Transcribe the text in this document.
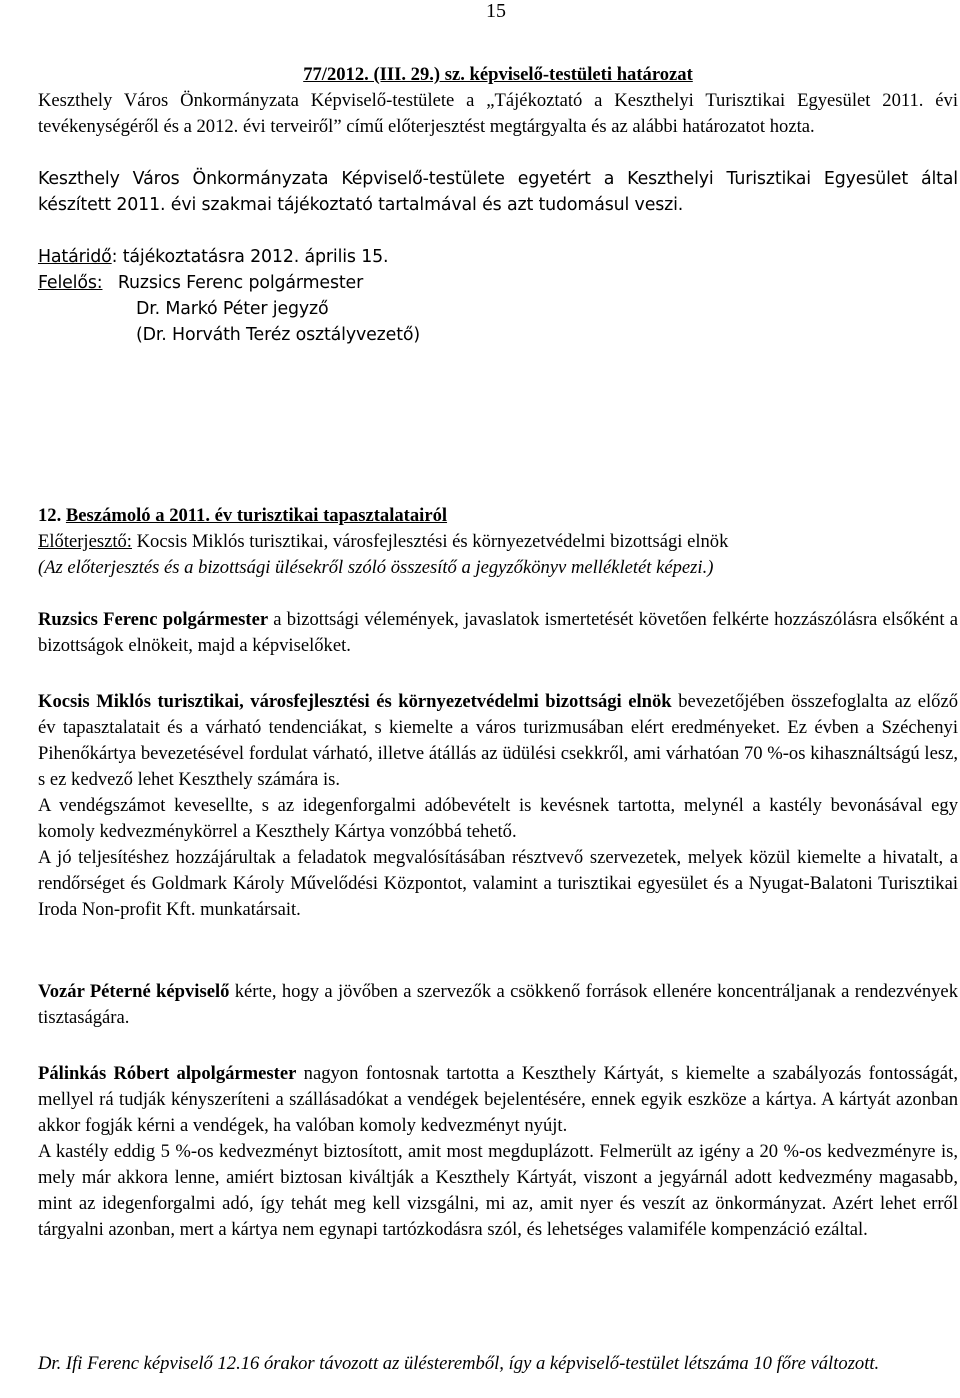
15

77/2012. (III. 29.) sz. képviselő-testületi határozat

Keszthely Város Önkormányzata Képviselő-testülete a „Tájékoztató a Keszthelyi Turisztikai Egyesület 2011. évi tevékenységéről és a 2012. évi terveiről” című előterjesztést megtárgyalta és az alábbi határozatot hozta.

Keszthely Város Önkormányzata Képviselő-testülete egyetért a Keszthelyi Turisztikai Egyesület által készített 2011. évi szakmai tájékoztató tartalmával és azt tudomásul veszi.

Határidő: tájékoztatásra 2012. április 15.
Felelős: Ruzsics Ferenc polgármester
Dr. Markó Péter jegyző
(Dr. Horváth Teréz osztályvezető)

12. Beszámoló a 2011. év turisztikai tapasztalatairól

Előterjesztő: Kocsis Miklós turisztikai, városfejlesztési és környezetvédelmi bizottsági elnök

(Az előterjesztés és a bizottsági ülésekről szóló összesítő a jegyzőkönyv mellékletét képezi.)

Ruzsics Ferenc polgármester a bizottsági vélemények, javaslatok ismertetését követően felkérte hozzászólásra elsőként a bizottságok elnökeit, majd a képviselőket.

Kocsis Miklós turisztikai, városfejlesztési és környezetvédelmi bizottsági elnök bevezetőjében összefoglalta az előző év tapasztalatait és a várható tendenciákat, s kiemelte a város turizmusában elért eredményeket. Ez évben a Széchenyi Pihenőkártya bevezetésével fordulat várható, illetve átállás az üdülési csekkről, ami várhatóan 70 %-os kihasználtságú lesz, s ez kedvező lehet Keszthely számára is.

A vendégszámot kevesellte, s az idegenforgalmi adóbevételt is kevésnek tartotta, melynél a kastély bevonásával egy komoly kedvezménykörrel a Keszthely Kártya vonzóbbá tehető.

A jó teljesítéshez hozzájárultak a feladatok megvalósításában résztvevő szervezetek, melyek közül kiemelte a hivatalt, a rendőrséget és Goldmark Károly Művelődési Központot, valamint a turisztikai egyesület és a Nyugat-Balatoni Turisztikai Iroda Non-profit Kft. munkatársait.

Vozár Péterné képviselő kérte, hogy a jövőben a szervezők a csökkenő források ellenére koncentráljanak a rendezvények tisztaságára.

Pálinkás Róbert alpolgármester nagyon fontosnak tartotta a Keszthely Kártyát, s kiemelte a szabályozás fontosságát, mellyel rá tudják kényszeríteni a szállásadókat a vendégek bejelentésére, ennek egyik eszköze a kártya. A kártyát azonban akkor fogják kérni a vendégek, ha valóban komoly kedvezményt nyújt.

A kastély eddig 5 %-os kedvezményt biztosított, amit most megduplázott. Felmerült az igény a 20 %-os kedvezményre is, mely már akkora lenne, amiért biztosan kiváltják a Keszthely Kártyát, viszont a jegyárnál adott kedvezmény magasabb, mint az idegenforgalmi adó, így tehát meg kell vizsgálni, mi az, amit nyer és veszít az önkormányzat. Azért lehet erről tárgyalni azonban, mert a kártya nem egynapi tartózkodásra szól, és lehetséges valamiféle kompenzáció ezáltal.

Dr. Ifi Ferenc képviselő 12.16 órakor távozott az ülésteremből, így a képviselő-testület létszáma 10 főre változott.
